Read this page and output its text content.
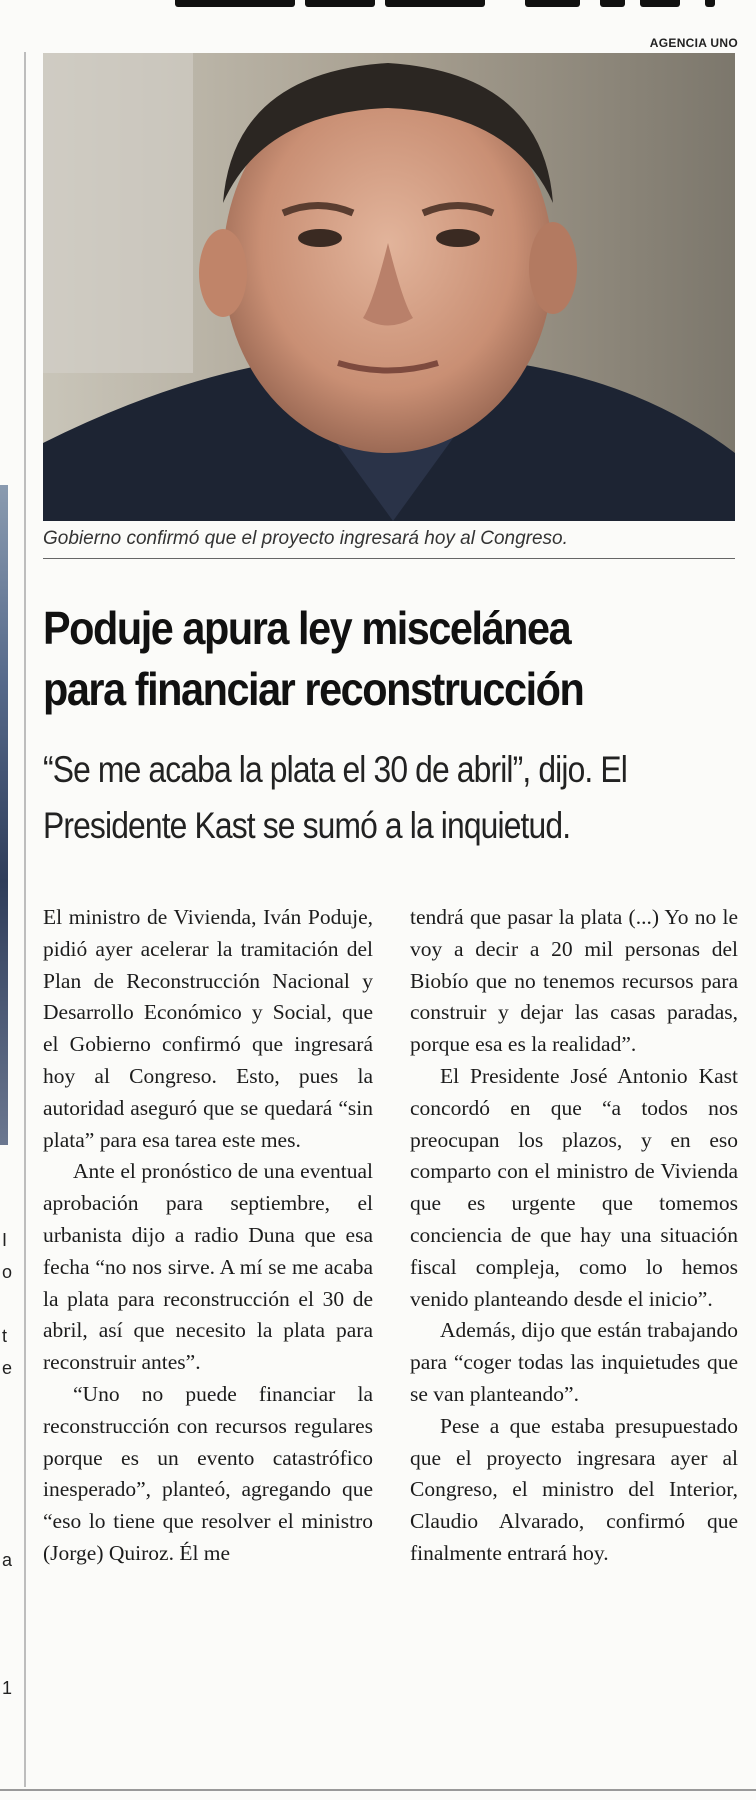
I
o
t
e
a
1
AGENCIA UNO
Gobierno confirmó que el proyecto ingresará hoy al Congreso.
Poduje apura ley miscelánea
para financiar reconstrucción

“Se me acaba la plata el 30 de abril”, dijo. El
Presidente Kast se sumó a la inquietud.

El ministro de Vivienda, Iván Poduje, pidió ayer acelerar la tramitación del Plan de Reconstrucción Nacional y Desarrollo Económico y Social, que el Gobierno confirmó que ingresará hoy al Congreso. Esto, pues la autoridad aseguró que se quedará “sin plata” para esa tarea este mes.

Ante el pronóstico de una eventual aprobación para septiembre, el urbanista dijo a radio Duna que esa fecha “no nos sirve. A mí se me acaba la plata para reconstrucción el 30 de abril, así que necesito la plata para reconstruir antes”.

“Uno no puede financiar la reconstrucción con recursos regulares porque es un evento catastrófico inesperado”, planteó, agregando que “eso lo tiene que resolver el ministro (Jorge) Quiroz. Él me

tendrá que pasar la plata (...) Yo no le voy a decir a 20 mil personas del Biobío que no tenemos recursos para construir y dejar las casas paradas, porque esa es la realidad”.

El Presidente José Antonio Kast concordó en que “a todos nos preocupan los plazos, y en eso comparto con el ministro de Vivienda que es urgente que tomemos conciencia de que hay una situación fiscal compleja, como lo hemos venido planteando desde el inicio”.

Además, dijo que están trabajando para “coger todas las inquietudes que se van planteando”.

Pese a que estaba presupuestado que el proyecto ingresara ayer al Congreso, el ministro del Interior, Claudio Alvarado, confirmó que finalmente entrará hoy.
